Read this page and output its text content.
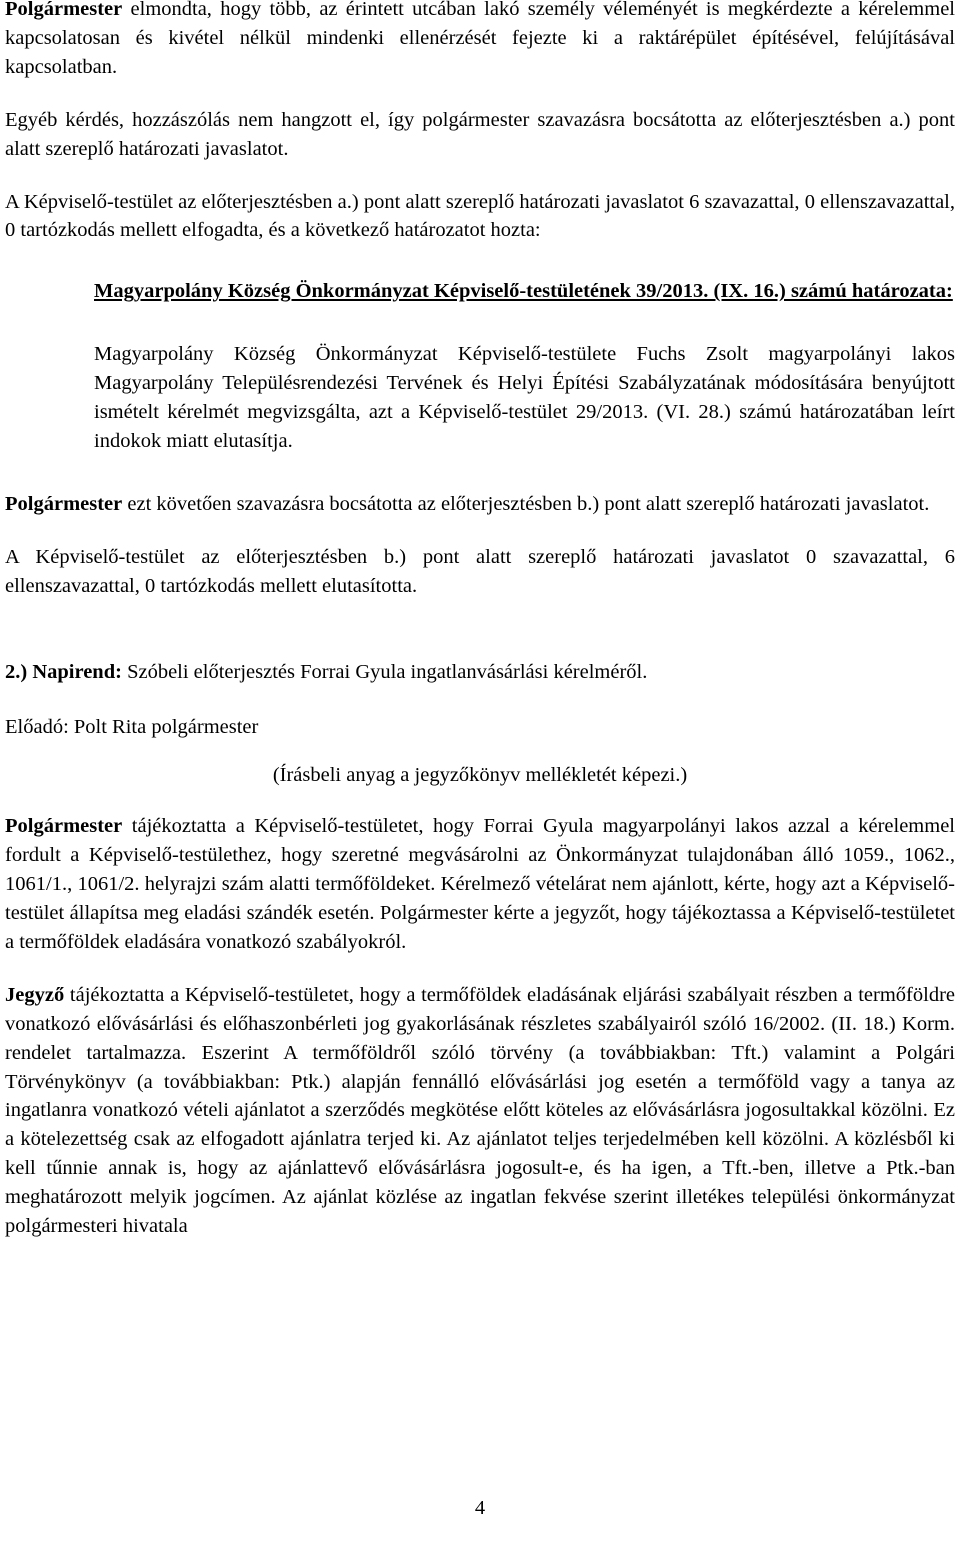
Polgármester elmondta, hogy több, az érintett utcában lakó személy véleményét is megkérdezte a kérelemmel kapcsolatosan és kivétel nélkül mindenki ellenérzését fejezte ki a raktárépület építésével, felújításával kapcsolatban.

Egyéb kérdés, hozzászólás nem hangzott el, így polgármester szavazásra bocsátotta az előterjesztésben a.) pont alatt szereplő határozati javaslatot.

A Képviselő-testület az előterjesztésben a.) pont alatt szereplő határozati javaslatot 6 szavazattal, 0 ellenszavazattal, 0 tartózkodás mellett elfogadta, és a következő határozatot hozta:

Magyarpolány Község Önkormányzat Képviselő-testületének 39/2013. (IX. 16.) számú határozata:

Magyarpolány Község Önkormányzat Képviselő-testülete Fuchs Zsolt magyarpolányi lakos Magyarpolány Településrendezési Tervének és Helyi Építési Szabályzatának módosítására benyújtott ismételt kérelmét megvizsgálta, azt a Képviselő-testület 29/2013. (VI. 28.) számú határozatában leírt indokok miatt elutasítja.

Polgármester ezt követően szavazásra bocsátotta az előterjesztésben b.) pont alatt szereplő határozati javaslatot.

A Képviselő-testület az előterjesztésben b.) pont alatt szereplő határozati javaslatot 0 szavazattal, 6 ellenszavazattal, 0 tartózkodás mellett elutasította.

2.) Napirend: Szóbeli előterjesztés Forrai Gyula ingatlanvásárlási kérelméről.

Előadó: Polt Rita polgármester

(Írásbeli anyag a jegyzőkönyv mellékletét képezi.)

Polgármester tájékoztatta a Képviselő-testületet, hogy Forrai Gyula magyarpolányi lakos azzal a kérelemmel fordult a Képviselő-testülethez, hogy szeretné megvásárolni az Önkormányzat tulajdonában álló 1059., 1062., 1061/1., 1061/2. helyrajzi szám alatti termőföldeket. Kérelmező vételárat nem ajánlott, kérte, hogy azt a Képviselő-testület állapítsa meg eladási szándék esetén. Polgármester kérte a jegyzőt, hogy tájékoztassa a Képviselő-testületet a termőföldek eladására vonatkozó szabályokról.

Jegyző tájékoztatta a Képviselő-testületet, hogy a termőföldek eladásának eljárási szabályait részben a termőföldre vonatkozó elővásárlási és előhaszonbérleti jog gyakorlásának részletes szabályairól szóló 16/2002. (II. 18.) Korm. rendelet tartalmazza. Eszerint A termőföldről szóló törvény (a továbbiakban: Tft.) valamint a Polgári Törvénykönyv (a továbbiakban: Ptk.) alapján fennálló elővásárlási jog esetén a termőföld vagy a tanya az ingatlanra vonatkozó vételi ajánlatot a szerződés megkötése előtt köteles az elővásárlásra jogosultakkal közölni. Ez a kötelezettség csak az elfogadott ajánlatra terjed ki. Az ajánlatot teljes terjedelmében kell közölni. A közlésből ki kell tűnnie annak is, hogy az ajánlattevő elővásárlásra jogosult-e, és ha igen, a Tft.-ben, illetve a Ptk.-ban meghatározott melyik jogcímen. Az ajánlat közlése az ingatlan fekvése szerint illetékes települési önkormányzat polgármesteri hivatala

4
